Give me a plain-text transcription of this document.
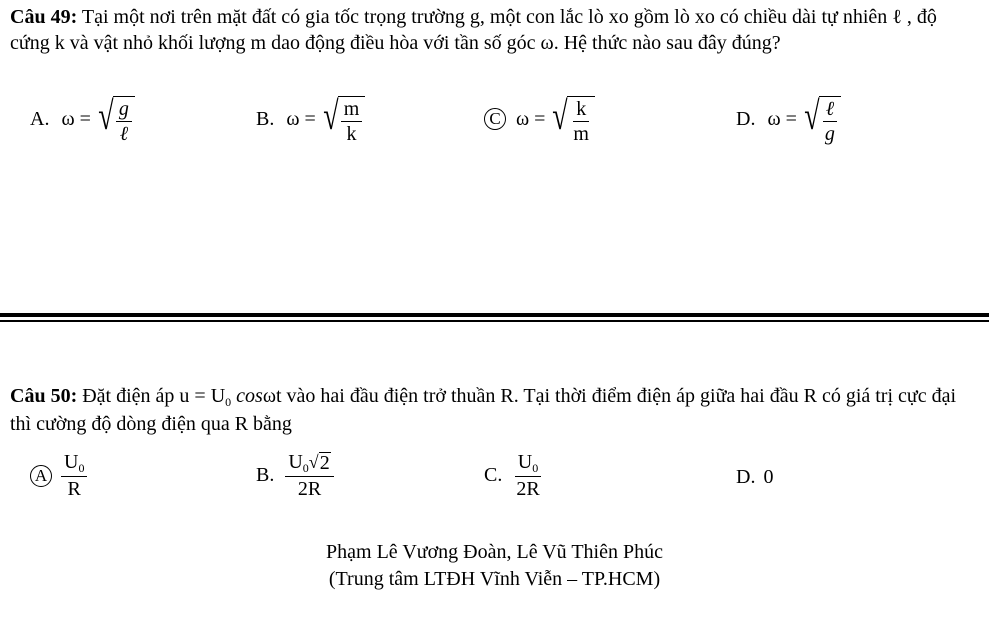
Câu 49: Tại một nơi trên mặt đất có gia tốc trọng trường g, một con lắc lò xo gồm lò xo có chiều dài tự nhiên ℓ , độ cứng k và vật nhỏ khối lượng m dao động điều hòa với tần số góc ω. Hệ thức nào sau đây đúng?
A. ω = √ $\frac{g}{\text{ℓ}}$	B. ω = √ $\frac{m}{k}$	C ω = √ $\frac{k}{m}$	D. ω = √ $\frac{\text{ℓ}}{g}$
Câu 50: Đặt điện áp $u = U_0$ cosωt vào hai đầu điện trở thuần R. Tại thời điểm điện áp giữa hai đầu R có giá trị cực đại thì cường độ dòng điện qua R bằng
A $\frac{U_0}{R}$	B. $\frac{U_0 √ 2}{2R}$	C. $\frac{U_0}{2R}$	D. 0
Phạm Lê Vương Đoàn, Lê Vũ Thiên Phúc
(Trung tâm LTĐH Vĩnh Viễn – TP.HCM)
